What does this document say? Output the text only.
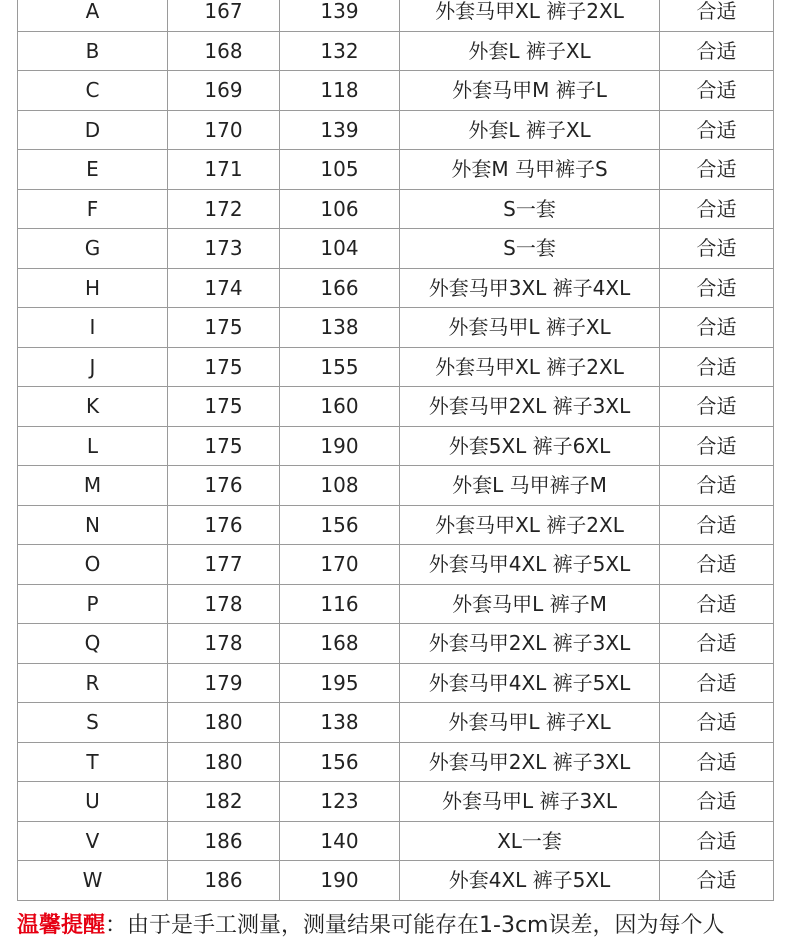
A	167	139	外套马甲XL 裤子2XL	合适
B	168	132	外套L 裤子XL	合适
C	169	118	外套马甲M 裤子L	合适
D	170	139	外套L 裤子XL	合适
E	171	105	外套M 马甲裤子S	合适
F	172	106	S一套	合适
G	173	104	S一套	合适
H	174	166	外套马甲3XL 裤子4XL	合适
I	175	138	外套马甲L 裤子XL	合适
J	175	155	外套马甲XL 裤子2XL	合适
K	175	160	外套马甲2XL 裤子3XL	合适
L	175	190	外套5XL 裤子6XL	合适
M	176	108	外套L 马甲裤子M	合适
N	176	156	外套马甲XL 裤子2XL	合适
O	177	170	外套马甲4XL 裤子5XL	合适
P	178	116	外套马甲L 裤子M	合适
Q	178	168	外套马甲2XL 裤子3XL	合适
R	179	195	外套马甲4XL 裤子5XL	合适
S	180	138	外套马甲L 裤子XL	合适
T	180	156	外套马甲2XL 裤子3XL	合适
U	182	123	外套马甲L 裤子3XL	合适
V	186	140	XL一套	合适
W	186	190	外套4XL 裤子5XL	合适
温馨提醒：由于是手工测量，测量结果可能存在1-3cm误差，因为每个人
